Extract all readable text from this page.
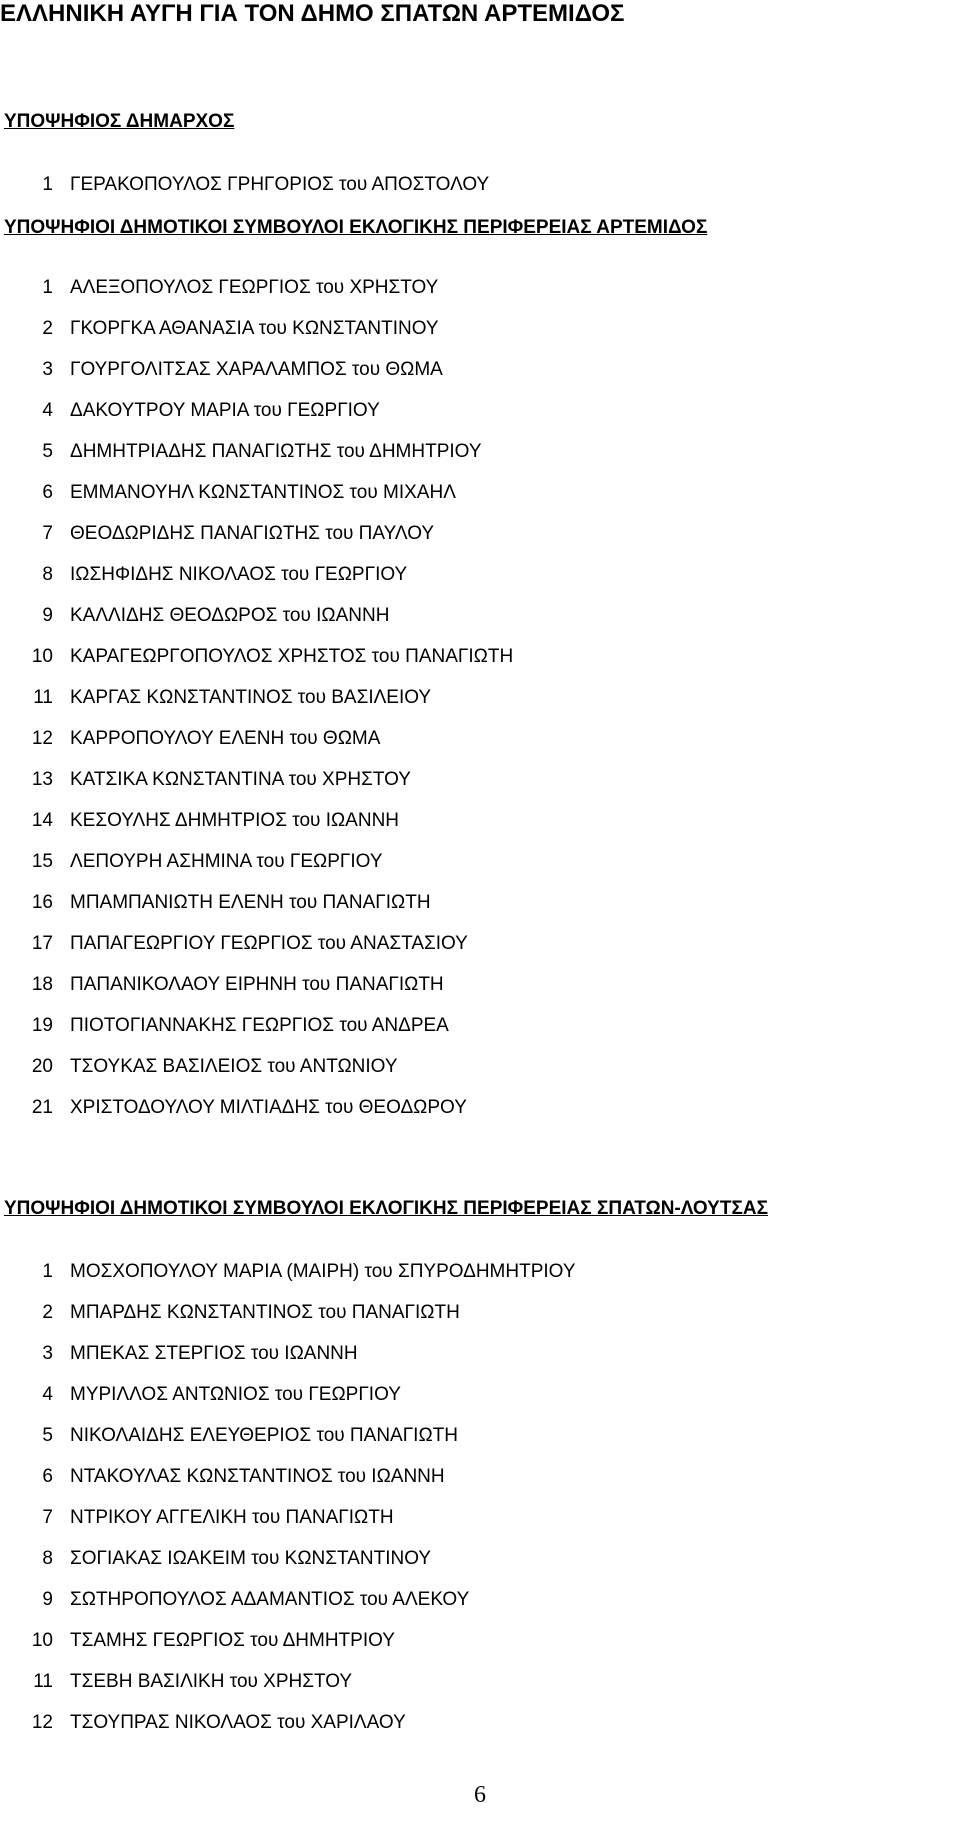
ΕΛΛΗΝΙΚΗ ΑΥΓΗ ΓΙΑ ΤΟΝ ΔΗΜΟ ΣΠΑΤΩΝ ΑΡΤΕΜΙΔΟΣ
ΥΠΟΨΗΦΙΟΣ ΔΗΜΑΡΧΟΣ
1 ΓΕΡΑΚΟΠΟΥΛΟΣ ΓΡΗΓΟΡΙΟΣ του ΑΠΟΣΤΟΛΟΥ
ΥΠΟΨΗΦΙΟΙ ΔΗΜΟΤΙΚΟΙ ΣΥΜΒΟΥΛΟΙ ΕΚΛΟΓΙΚΗΣ ΠΕΡΙΦΕΡΕΙΑΣ ΑΡΤΕΜΙΔΟΣ
1 ΑΛΕΞΟΠΟΥΛΟΣ ΓΕΩΡΓΙΟΣ του ΧΡΗΣΤΟΥ
2 ΓΚΟΡΓΚΑ ΑΘΑΝΑΣΙΑ του ΚΩΝΣΤΑΝΤΙΝΟΥ
3 ΓΟΥΡΓΟΛΙΤΣΑΣ ΧΑΡΑΛΑΜΠΟΣ του ΘΩΜΑ
4 ΔΑΚΟΥΤΡΟΥ ΜΑΡΙΑ του ΓΕΩΡΓΙΟΥ
5 ΔΗΜΗΤΡΙΑΔΗΣ ΠΑΝΑΓΙΩΤΗΣ του ΔΗΜΗΤΡΙΟΥ
6 ΕΜΜΑΝΟΥΗΛ ΚΩΝΣΤΑΝΤΙΝΟΣ του ΜΙΧΑΗΛ
7 ΘΕΟΔΩΡΙΔΗΣ ΠΑΝΑΓΙΩΤΗΣ του ΠΑΥΛΟΥ
8 ΙΩΣΗΦΙΔΗΣ ΝΙΚΟΛΑΟΣ του ΓΕΩΡΓΙΟΥ
9 ΚΑΛΛΙΔΗΣ ΘΕΟΔΩΡΟΣ του ΙΩΑΝΝΗ
10 ΚΑΡΑΓΕΩΡΓΟΠΟΥΛΟΣ ΧΡΗΣΤΟΣ του ΠΑΝΑΓΙΩΤΗ
11 ΚΑΡΓΑΣ ΚΩΝΣΤΑΝΤΙΝΟΣ του ΒΑΣΙΛΕΙΟΥ
12 ΚΑΡΡΟΠΟΥΛΟΥ ΕΛΕΝΗ του ΘΩΜΑ
13 ΚΑΤΣΙΚΑ ΚΩΝΣΤΑΝΤΙΝΑ του ΧΡΗΣΤΟΥ
14 ΚΕΣΟΥΛΗΣ ΔΗΜΗΤΡΙΟΣ του ΙΩΑΝΝΗ
15 ΛΕΠΟΥΡΗ ΑΣΗΜΙΝΑ του ΓΕΩΡΓΙΟΥ
16 ΜΠΑΜΠΑΝΙΩΤΗ ΕΛΕΝΗ του ΠΑΝΑΓΙΩΤΗ
17 ΠΑΠΑΓΕΩΡΓΙΟΥ ΓΕΩΡΓΙΟΣ του ΑΝΑΣΤΑΣΙΟΥ
18 ΠΑΠΑΝΙΚΟΛΑΟΥ ΕΙΡΗΝΗ του ΠΑΝΑΓΙΩΤΗ
19 ΠΙΟΤΟΓΙΑΝΝΑΚΗΣ ΓΕΩΡΓΙΟΣ του ΑΝΔΡΕΑ
20 ΤΣΟΥΚΑΣ ΒΑΣΙΛΕΙΟΣ του ΑΝΤΩΝΙΟΥ
21 ΧΡΙΣΤΟΔΟΥΛΟΥ ΜΙΛΤΙΑΔΗΣ του ΘΕΟΔΩΡΟΥ
ΥΠΟΨΗΦΙΟΙ ΔΗΜΟΤΙΚΟΙ ΣΥΜΒΟΥΛΟΙ ΕΚΛΟΓΙΚΗΣ ΠΕΡΙΦΕΡΕΙΑΣ ΣΠΑΤΩΝ-ΛΟΥΤΣΑΣ
1 ΜΟΣΧΟΠΟΥΛΟΥ ΜΑΡΙΑ (ΜΑΙΡΗ) του ΣΠΥΡΟΔΗΜΗΤΡΙΟΥ
2 ΜΠΑΡΔΗΣ ΚΩΝΣΤΑΝΤΙΝΟΣ του ΠΑΝΑΓΙΩΤΗ
3 ΜΠΕΚΑΣ ΣΤΕΡΓΙΟΣ του ΙΩΑΝΝΗ
4 ΜΥΡΙΛΛΟΣ ΑΝΤΩΝΙΟΣ του ΓΕΩΡΓΙΟΥ
5 ΝΙΚΟΛΑΙΔΗΣ ΕΛΕΥΘΕΡΙΟΣ του ΠΑΝΑΓΙΩΤΗ
6 ΝΤΑΚΟΥΛΑΣ ΚΩΝΣΤΑΝΤΙΝΟΣ του ΙΩΑΝΝΗ
7 ΝΤΡΙΚΟΥ ΑΓΓΕΛΙΚΗ του ΠΑΝΑΓΙΩΤΗ
8 ΣΟΓΙΑΚΑΣ ΙΩΑΚΕΙΜ του ΚΩΝΣΤΑΝΤΙΝΟΥ
9 ΣΩΤΗΡΟΠΟΥΛΟΣ ΑΔΑΜΑΝΤΙΟΣ του ΑΛΕΚΟΥ
10 ΤΣΑΜΗΣ ΓΕΩΡΓΙΟΣ του ΔΗΜΗΤΡΙΟΥ
11 ΤΣΕΒΗ ΒΑΣΙΛΙΚΗ του ΧΡΗΣΤΟΥ
12 ΤΣΟΥΠΡΑΣ ΝΙΚΟΛΑΟΣ του ΧΑΡΙΛΑΟΥ
6
